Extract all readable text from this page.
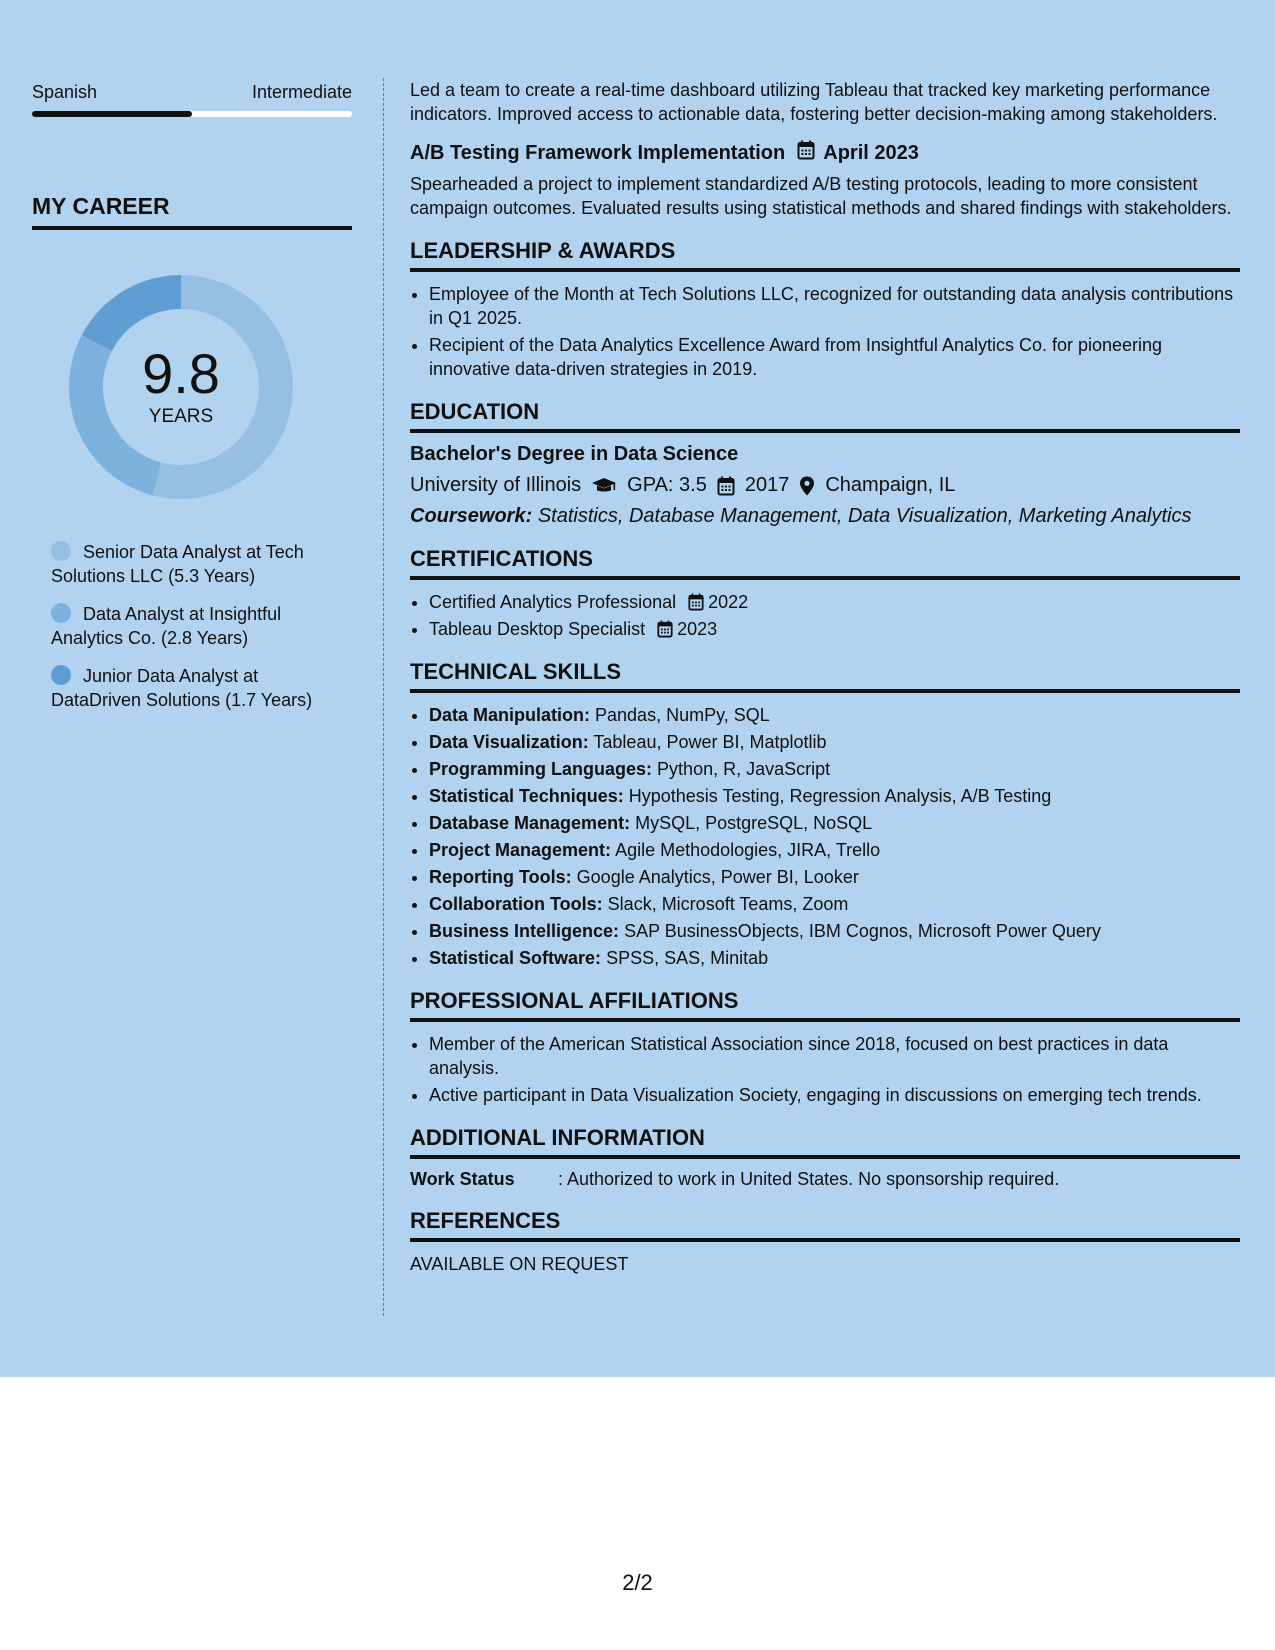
Spanish	Intermediate
MY CAREER
9.8
YEARS
Senior Data Analyst at Tech Solutions LLC (5.3 Years)
Data Analyst at Insightful Analytics Co. (2.8 Years)
Junior Data Analyst at DataDriven Solutions (1.7 Years)
Led a team to create a real-time dashboard utilizing Tableau that tracked key marketing performance indicators. Improved access to actionable data, fostering better decision-making among stakeholders.
A/B Testing Framework Implementation April 2023
Spearheaded a project to implement standardized A/B testing protocols, leading to more consistent campaign outcomes. Evaluated results using statistical methods and shared findings with stakeholders.
LEADERSHIP & AWARDS
• Employee of the Month at Tech Solutions LLC, recognized for outstanding data analysis contributions in Q1 2025.
• Recipient of the Data Analytics Excellence Award from Insightful Analytics Co. for pioneering innovative data-driven strategies in 2019.
EDUCATION
Bachelor's Degree in Data Science
University of Illinois GPA: 3.5 2017 Champaign, IL
Coursework: Statistics, Database Management, Data Visualization, Marketing Analytics
CERTIFICATIONS
• Certified Analytics Professional 2022
• Tableau Desktop Specialist 2023
TECHNICAL SKILLS
• Data Manipulation: Pandas, NumPy, SQL
• Data Visualization: Tableau, Power BI, Matplotlib
• Programming Languages: Python, R, JavaScript
• Statistical Techniques: Hypothesis Testing, Regression Analysis, A/B Testing
• Database Management: MySQL, PostgreSQL, NoSQL
• Project Management: Agile Methodologies, JIRA, Trello
• Reporting Tools: Google Analytics, Power BI, Looker
• Collaboration Tools: Slack, Microsoft Teams, Zoom
• Business Intelligence: SAP BusinessObjects, IBM Cognos, Microsoft Power Query
• Statistical Software: SPSS, SAS, Minitab
PROFESSIONAL AFFILIATIONS
• Member of the American Statistical Association since 2018, focused on best practices in data analysis.
• Active participant in Data Visualization Society, engaging in discussions on emerging tech trends.
ADDITIONAL INFORMATION
Work Status : Authorized to work in United States. No sponsorship required.
REFERENCES
AVAILABLE ON REQUEST
2/2
